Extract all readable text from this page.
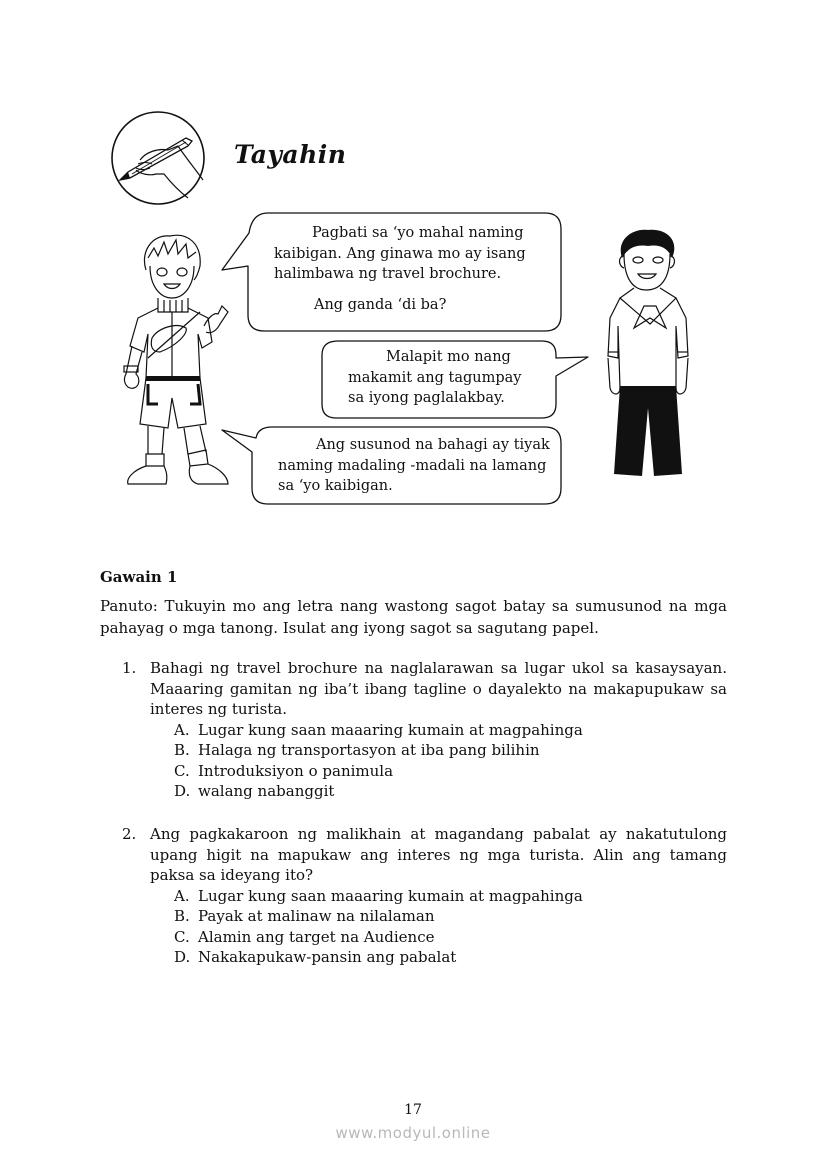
Tayahin

Pagbati sa ‘yo mahal naming kaibigan. Ang ginawa mo ay isang halimbawa ng travel brochure.

Ang ganda ‘di ba?

Malapit mo nang makamit ang tagumpay sa iyong paglalakbay.
Ang susunod na bahagi ay tiyak naming madaling -madali na lamang sa ‘yo kaibigan.
Gawain 1
Panuto: Tukuyin mo ang letra nang wastong sagot batay sa sumusunod na mga pahayag o mga tanong. Isulat ang iyong sagot sa sagutang papel.
1. Bahagi ng travel brochure na naglalarawan sa lugar ukol sa kasaysayan. Maaaring gamitan ng iba’t ibang tagline o dayalekto na makapupukaw sa interes ng turista.
A. Lugar kung saan maaaring kumain at magpahinga
B. Halaga ng transportasyon at iba pang bilihin
C. Introduksiyon o panimula
D. walang nabanggit
2. Ang pagkakaroon ng malikhain at magandang pabalat ay nakatutulong upang higit na mapukaw ang interes ng mga turista. Alin ang tamang paksa sa ideyang ito?
A. Lugar kung saan maaaring kumain at magpahinga
B. Payak at malinaw na nilalaman
C. Alamin ang target na Audience
D. Nakakapukaw-pansin ang pabalat
17
www.modyul.online
